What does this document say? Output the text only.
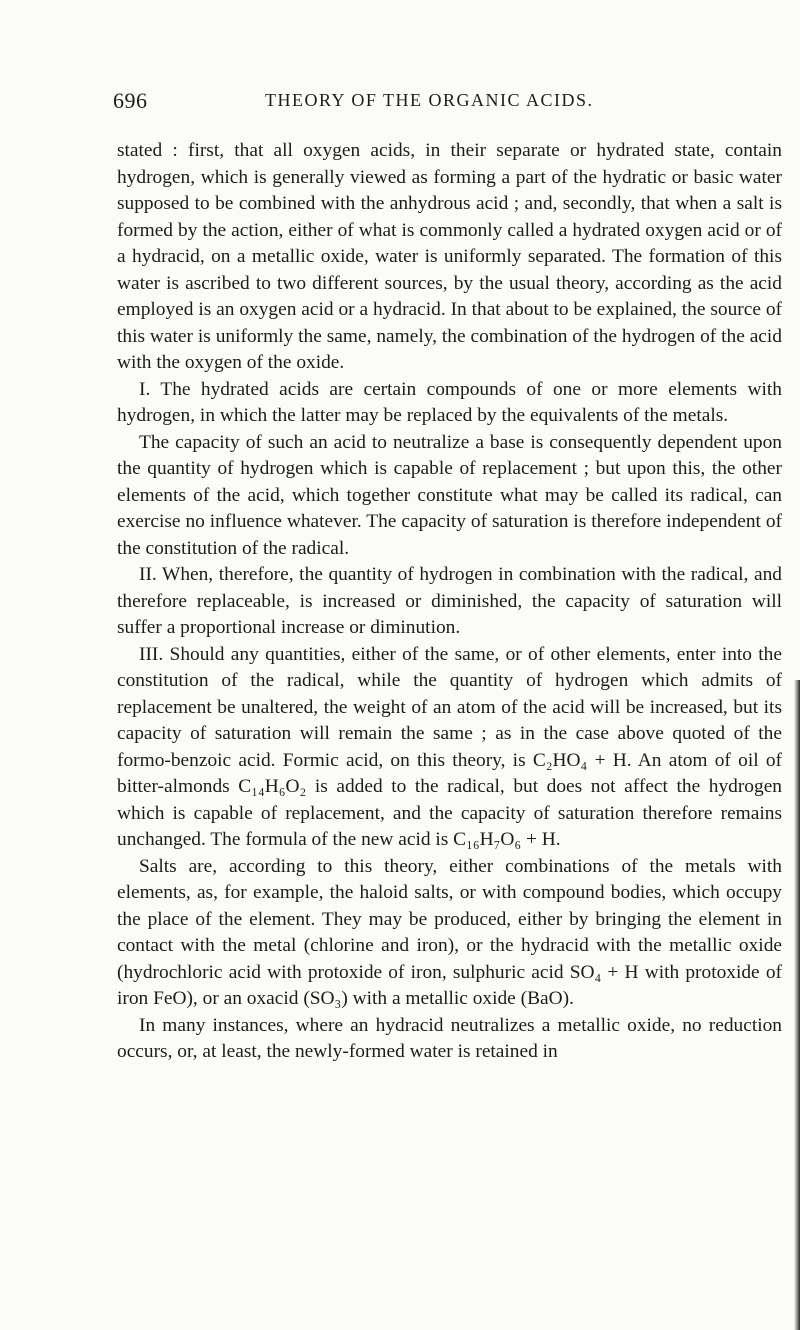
696	THEORY OF THE ORGANIC ACIDS.

stated : first, that all oxygen acids, in their separate or hydrated state, contain hydrogen, which is generally viewed as forming a part of the hydratic or basic water supposed to be combined with the anhydrous acid ; and, secondly, that when a salt is formed by the action, either of what is commonly called a hydrated oxygen acid or of a hydracid, on a metallic oxide, water is uniformly separated. The formation of this water is ascribed to two different sources, by the usual theory, according as the acid employed is an oxygen acid or a hydracid. In that about to be explained, the source of this water is uniformly the same, namely, the combination of the hydrogen of the acid with the oxygen of the oxide.

I. The hydrated acids are certain compounds of one or more elements with hydrogen, in which the latter may be replaced by the equivalents of the metals.

The capacity of such an acid to neutralize a base is consequently dependent upon the quantity of hydrogen which is capable of replacement ; but upon this, the other elements of the acid, which together constitute what may be called its radical, can exercise no influence whatever. The capacity of saturation is therefore independent of the constitution of the radical.

II. When, therefore, the quantity of hydrogen in combination with the radical, and therefore replaceable, is increased or diminished, the capacity of saturation will suffer a proportional increase or diminution.

III. Should any quantities, either of the same, or of other elements, enter into the constitution of the radical, while the quantity of hydrogen which admits of replacement be unaltered, the weight of an atom of the acid will be increased, but its capacity of saturation will remain the same ; as in the case above quoted of the formo-benzoic acid. Formic acid, on this theory, is C₂HO₄ + H. An atom of oil of bitter-almonds C₁₄H₆O₂ is added to the radical, but does not affect the hydrogen which is capable of replacement, and the capacity of saturation therefore remains unchanged. The formula of the new acid is C₁₆H₇O₆ + H.

Salts are, according to this theory, either combinations of the metals with elements, as, for example, the haloid salts, or with compound bodies, which occupy the place of the element. They may be produced, either by bringing the element in contact with the metal (chlorine and iron), or the hydracid with the metallic oxide (hydrochloric acid with protoxide of iron, sulphuric acid SO₄ + H with protoxide of iron FeO), or an oxacid (SO₃) with a metallic oxide (BaO).

In many instances, where an hydracid neutralizes a metallic oxide, no reduction occurs, or, at least, the newly-formed water is retained in
